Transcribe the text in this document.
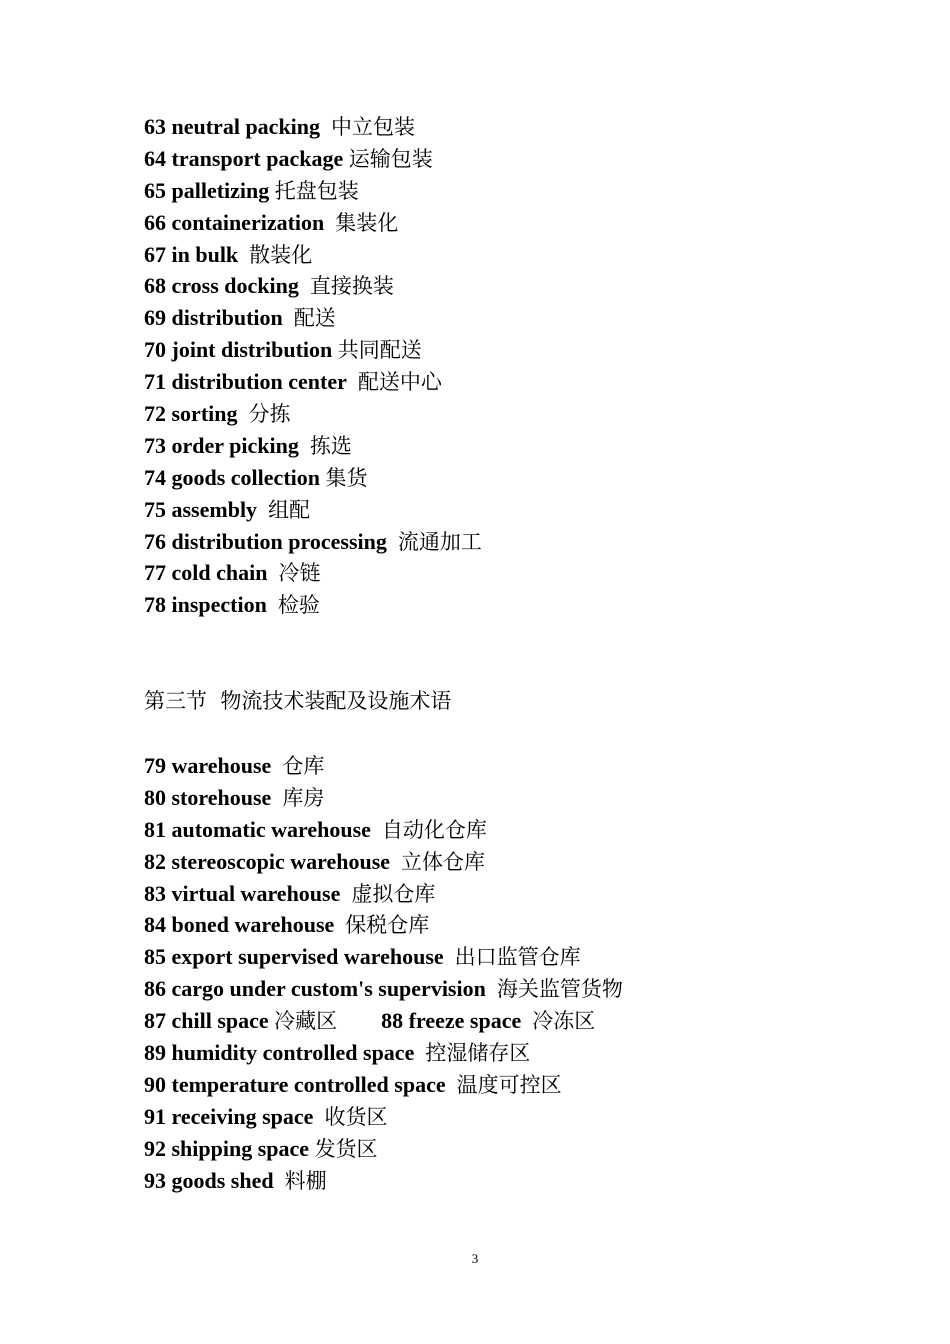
63 neutral packing 中立包装
64 transport package 运输包装
65 palletizing 托盘包装
66 containerization 集装化
67 in bulk 散装化
68 cross docking 直接换装
69 distribution 配送
70 joint distribution 共同配送
71 distribution center 配送中心
72 sorting 分拣
73 order picking 拣选
74 goods collection 集货
75 assembly 组配
76 distribution processing 流通加工
77 cold chain 冷链
78 inspection 检验
第三节  物流技术装配及设施术语
79 warehouse 仓库
80 storehouse 库房
81 automatic warehouse 自动化仓库
82 stereoscopic warehouse 立体仓库
83 virtual warehouse 虚拟仓库
84 boned warehouse 保税仓库
85 export supervised warehouse 出口监管仓库
86 cargo under custom's supervision 海关监管货物
87 chill space 冷藏区 88 freeze space 冷冻区
89 humidity controlled space 控湿储存区
90 temperature controlled space 温度可控区
91 receiving space 收货区
92 shipping space 发货区
93 goods shed 料棚
3
